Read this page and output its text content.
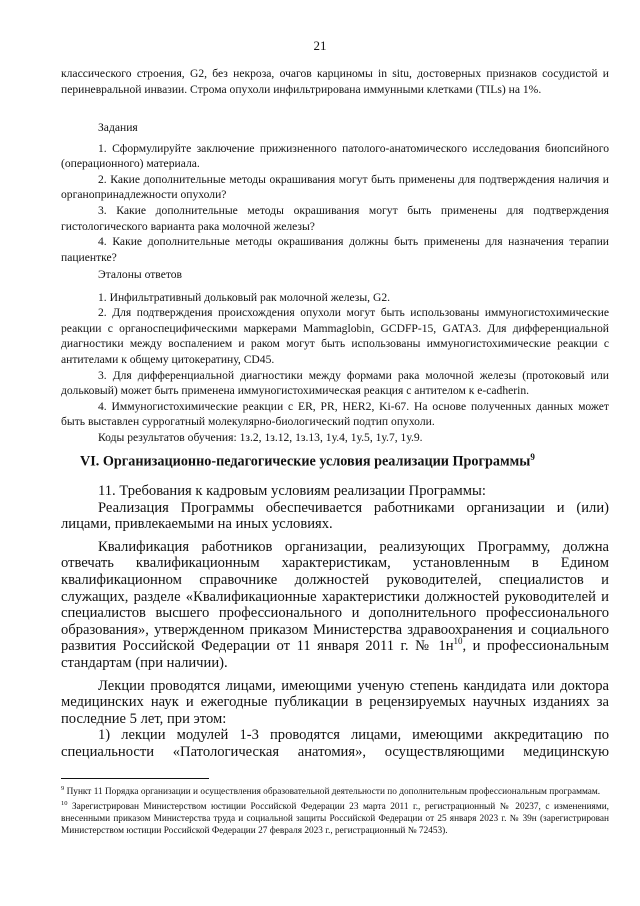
21

классического строения, G2, без некроза, очагов карциномы in situ, достоверных признаков сосудистой и периневральной инвазии. Строма опухоли инфильтрирована иммунными клетками (TILs) на 1%.

Задания

1. Сформулируйте заключение прижизненного патолого-анатомического исследования биопсийного (операционного) материала.

2. Какие дополнительные методы окрашивания могут быть применены для подтверждения наличия и органопринадлежности опухоли?

3. Какие дополнительные методы окрашивания могут быть применены для подтверждения гистологического варианта рака молочной железы?

4. Какие дополнительные методы окрашивания должны быть применены для назначения терапии пациентке?

Эталоны ответов

1. Инфильтративный дольковый рак молочной железы, G2.

2. Для подтверждения происхождения опухоли могут быть использованы иммуногистохимические реакции с органоспецифическими маркерами Mammaglobin, GCDFP-15, GATA3. Для дифференциальной диагностики между воспалением и раком могут быть использованы иммуногистохимические реакции с антителами к общему цитокератину, CD45.

3. Для дифференциальной диагностики между формами рака молочной железы (протоковый или дольковый) может быть применена иммуногистохимическая реакция с антителом к e-cadherin.

4. Иммуногистохимические реакции с ER, PR, HER2, Ki-67. На основе полученных данных может быть выставлен суррогатный молекулярно-биологический подтип опухоли.

Коды результатов обучения: 1з.2, 1з.12, 1з.13, 1у.4, 1у.5, 1у.7, 1у.9.

VI. Организационно-педагогические условия реализации Программы$^9$

11. Требования к кадровым условиям реализации Программы:

Реализация Программы обеспечивается работниками организации и (или) лицами, привлекаемыми на иных условиях.

Квалификация работников организации, реализующих Программу, должна отвечать квалификационным характеристикам, установленным в Едином квалификационном справочнике должностей руководителей, специалистов и служащих, разделе «Квалификационные характеристики должностей руководителей и специалистов высшего профессионального и дополнительного профессионального образования», утвержденном приказом Министерства здравоохранения и социального развития Российской Федерации от 11 января 2011 г. № $1н^{10}$, и профессиональным стандартам (при наличии).

Лекции проводятся лицами, имеющими ученую степень кандидата или доктора медицинских наук и ежегодные публикации в рецензируемых научных изданиях за последние 5 лет, при этом:

1) лекции модулей 1-3 проводятся лицами, имеющими аккредитацию по специальности «Патологическая анатомия», осуществляющими медицинскую

$^9$ Пункт 11 Порядка организации и осуществления образовательной деятельности по дополнительным профессиональным программам.

$^{10}$ Зарегистрирован Министерством юстиции Российской Федерации 23 марта 2011 г., регистрационный № 20237, с изменениями, внесенными приказом Министерства труда и социальной защиты Российской Федерации от 25 января 2023 г. № 39н (зарегистрирован Министерством юстиции Российской Федерации 27 февраля 2023 г., регистрационный № 72453).
